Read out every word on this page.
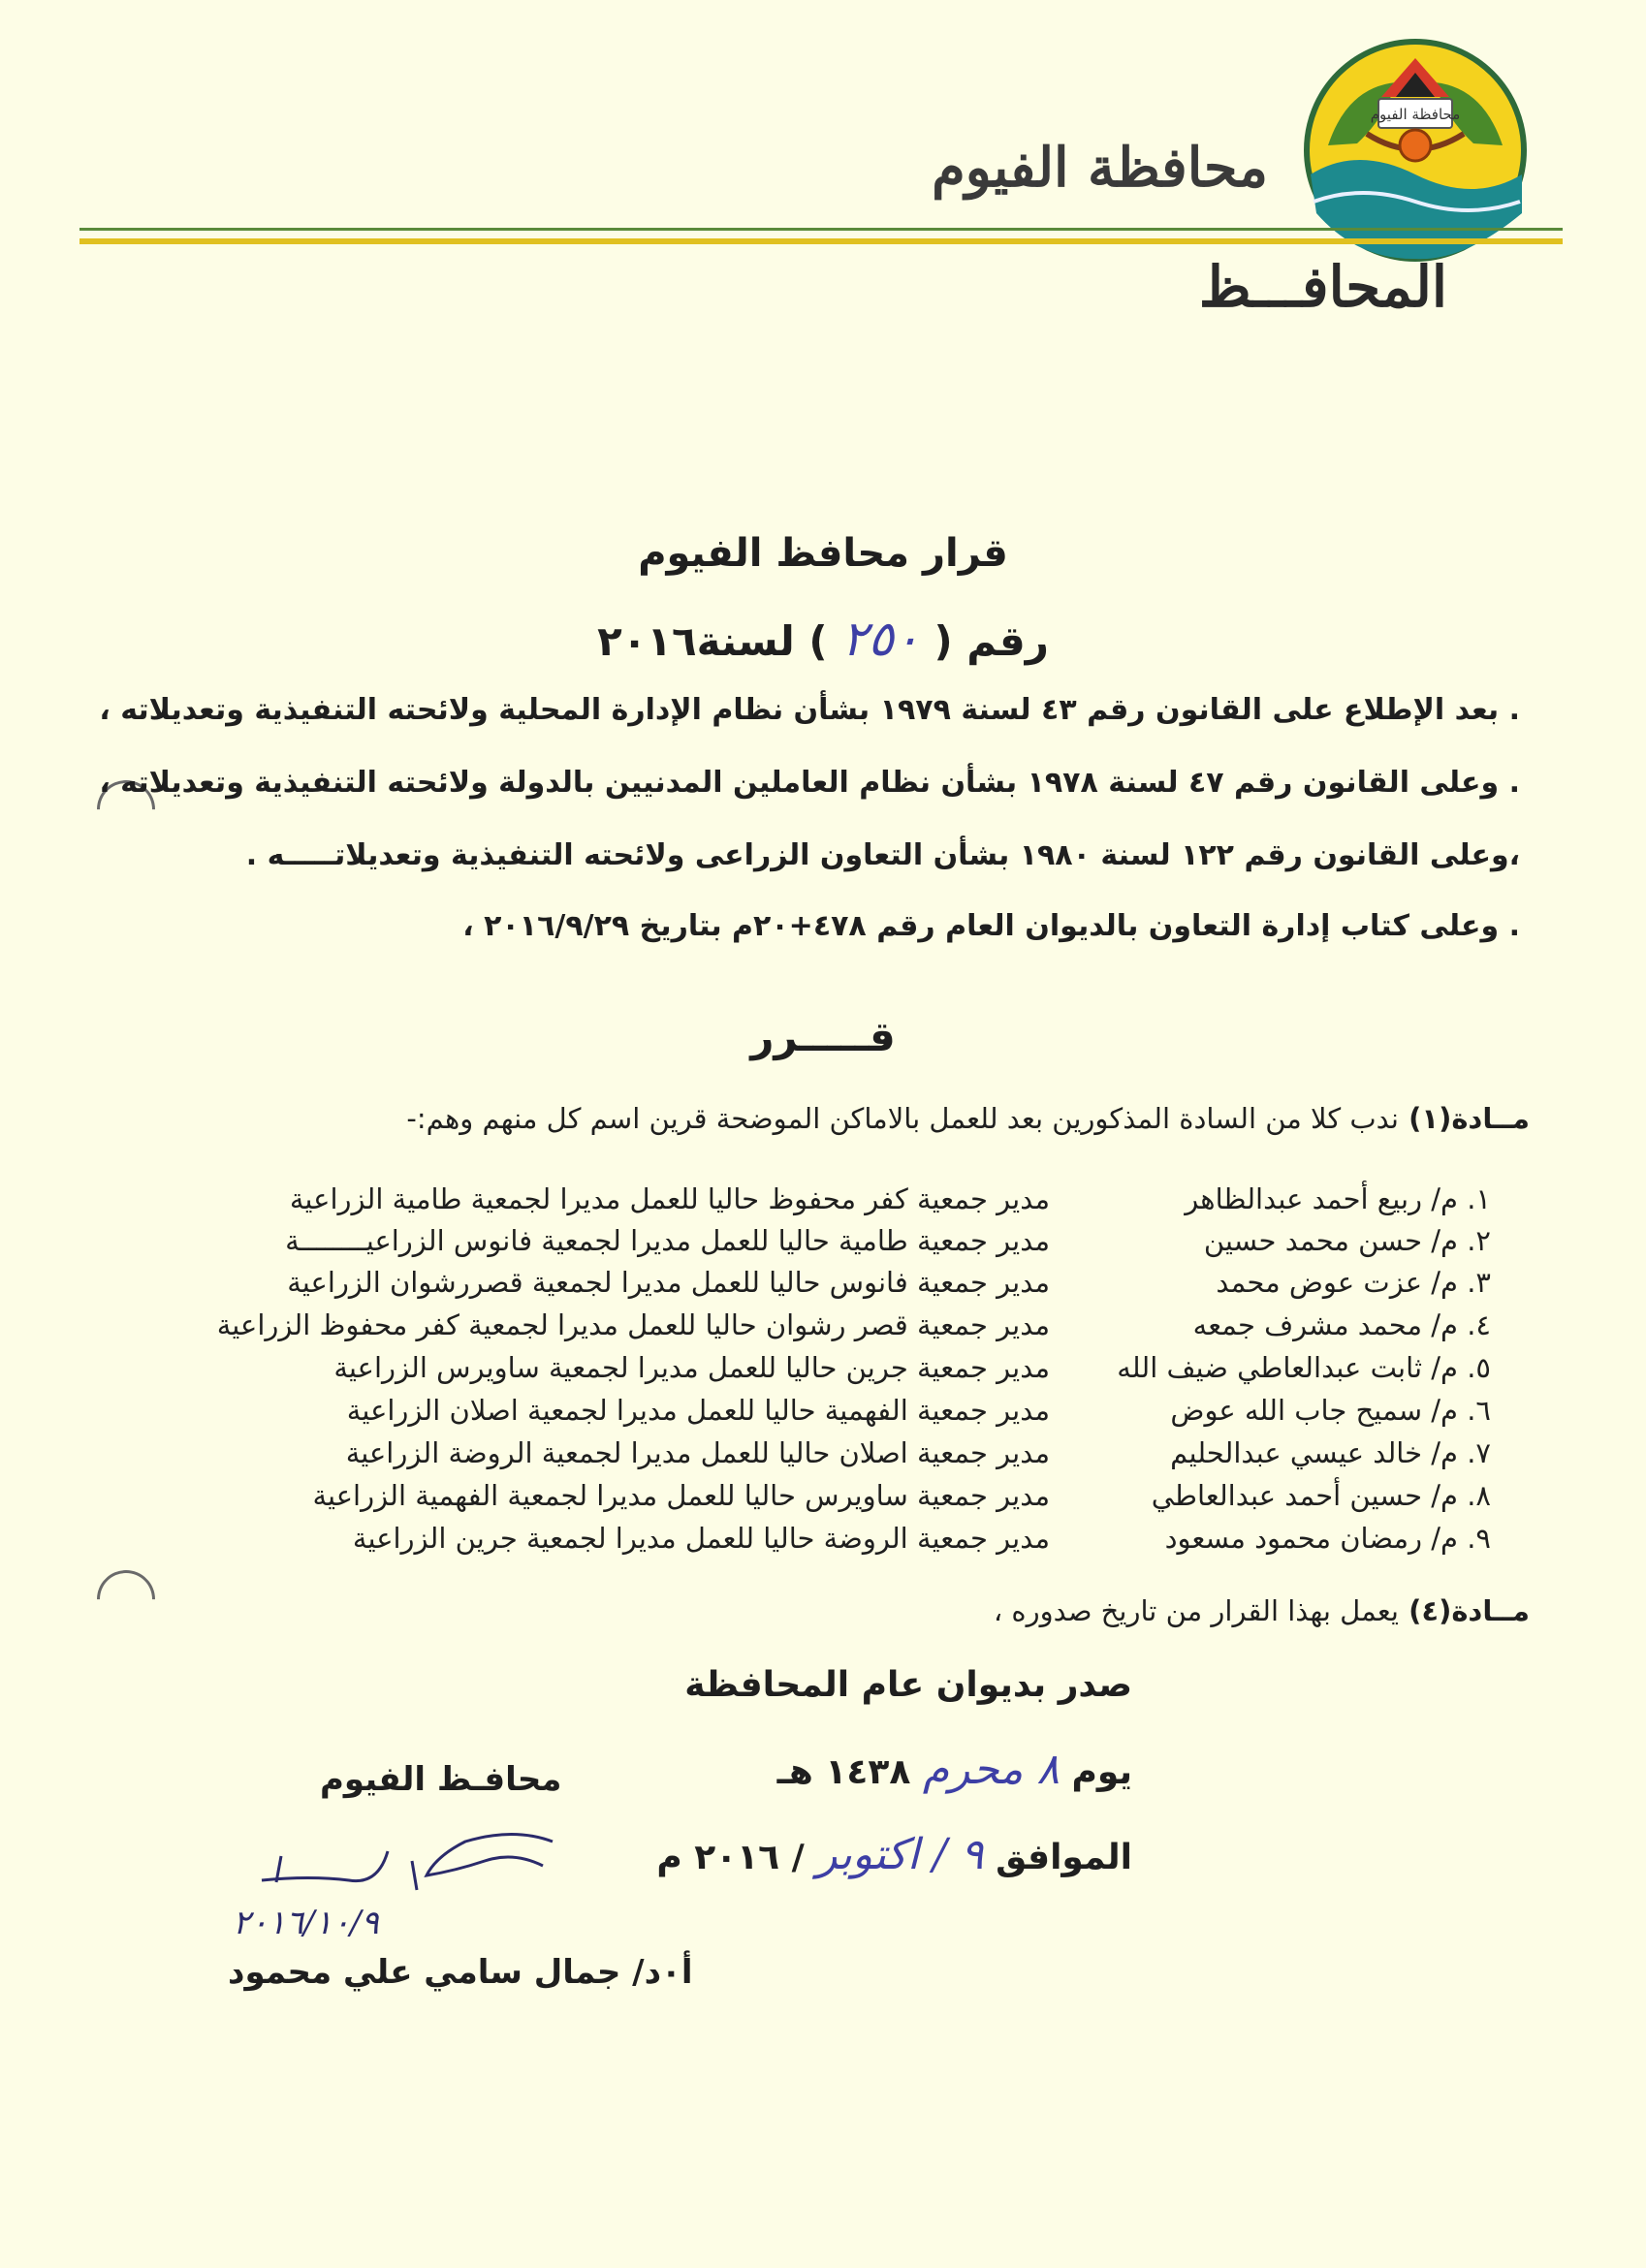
محافظة الفيوم
محافظة الفيوم
المحافـــظ
قرار محافظ الفيوم
رقم ( ٢٥٠ ) لسنة٢٠١٦
. بعد الإطلاع على القانون رقم ٤٣ لسنة ١٩٧٩ بشأن نظام الإدارة المحلية ولائحته التنفيذية وتعديلاته ،
. وعلى القانون رقم ٤٧ لسنة ١٩٧٨ بشأن نظام العاملين المدنيين بالدولة ولائحته التنفيذية وتعديلاته ،
،وعلى القانون رقم ١٢٢ لسنة ١٩٨٠ بشأن التعاون الزراعى ولائحته التنفيذية وتعديلاتـــــه .
. وعلى كتاب إدارة التعاون بالديوان العام رقم ٤٧٨+٢٠م بتاريخ ٢٠١٦/٩/٢٩ ،
قـــــرر
مــادة(١) ندب كلا من السادة المذكورين بعد للعمل بالاماكن الموضحة قرين اسم كل منهم وهم:-
١. م/ ربيع أحمد عبدالظاهر
مدير جمعية كفر محفوظ حاليا للعمل مديرا لجمعية طامية الزراعية
٢. م/ حسن محمد حسين
مدير جمعية طامية حاليا للعمل مديرا لجمعية فانوس الزراعيــــــــة
٣. م/ عزت عوض محمد
مدير جمعية فانوس حاليا للعمل مديرا لجمعية قصررشوان الزراعية
٤. م/ محمد مشرف جمعه
مدير جمعية قصر رشوان حاليا للعمل مديرا لجمعية كفر محفوظ الزراعية
٥. م/ ثابت عبدالعاطي ضيف الله
مدير جمعية جرين حاليا للعمل مديرا لجمعية ساويرس الزراعية
٦. م/ سميح جاب الله عوض
مدير جمعية الفهمية حاليا للعمل مديرا لجمعية اصلان الزراعية
٧. م/ خالد عيسي عبدالحليم
مدير جمعية اصلان حاليا للعمل مديرا لجمعية الروضة الزراعية
٨. م/ حسين أحمد عبدالعاطي
مدير جمعية ساويرس حاليا للعمل مديرا لجمعية الفهمية الزراعية
٩. م/ رمضان محمود مسعود
مدير جمعية الروضة حاليا للعمل مديرا لجمعية جرين الزراعية
مــادة(٤) يعمل بهذا القرار من تاريخ صدوره ،
صدر بديوان عام المحافظة
يوم ٨ محرم ١٤٣٨ هـ
الموافق ٩ / اكتوبر / ٢٠١٦ م
محافـظ الفيوم
٢٠١٦/١٠/٩
أ٠د/ جمال سامي علي محمود
